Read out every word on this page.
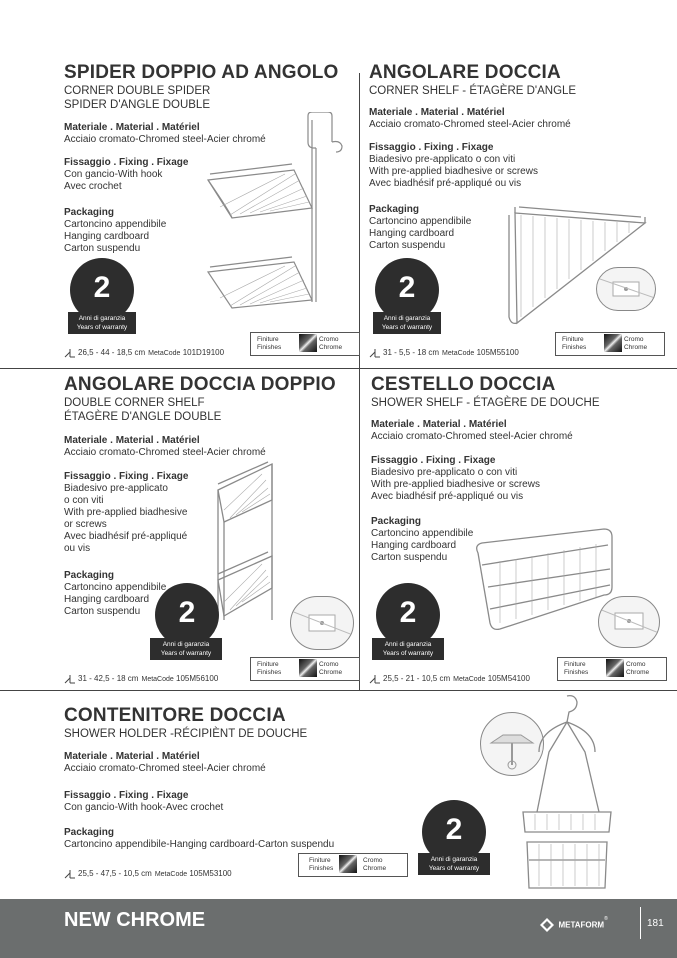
SPIDER DOPPIO AD ANGOLO
CORNER DOUBLE SPIDER
SPIDER D'ANGLE DOUBLE
Materiale . Material . Matériel
Acciaio cromato-Chromed steel-Acier chromé
Fissaggio . Fixing . Fixage
Con gancio-With hook
Avec crochet
Packaging
Cartoncino appendibile
Hanging cardboard
Carton suspendu
2
Anni di garanzia
Years of warranty
Finiture
Finishes
Cromo
Chrome
26,5 - 44 - 18,5 cm MetaCode 101D19100
ANGOLARE DOCCIA
CORNER SHELF - ÉTAGÈRE D'ANGLE
Materiale . Material . Matériel
Acciaio cromato-Chromed steel-Acier chromé
Fissaggio . Fixing . Fixage
Biadesivo pre-applicato o con viti
With pre-applied biadhesive or screws
Avec biadhésif pré-appliqué ou vis
Packaging
Cartoncino appendibile
Hanging cardboard
Carton suspendu
2
Anni di garanzia
Years of warranty
Finiture
Finishes
Cromo
Chrome
31 - 5,5 - 18 cm MetaCode 105M55100
ANGOLARE DOCCIA DOPPIO
DOUBLE CORNER SHELF
ÉTAGÈRE D'ANGLE DOUBLE
Materiale . Material . Matériel
Acciaio cromato-Chromed steel-Acier chromé
Fissaggio . Fixing . Fixage
Biadesivo pre-applicato
o con viti
With pre-applied biadhesive
or screws
Avec biadhésif pré-appliqué
ou vis
Packaging
Cartoncino appendibile
Hanging cardboard
Carton suspendu	2
Anni di garanzia
Years of warranty
Finiture
Finishes
Cromo
Chrome
31 - 42,5 - 18 cm MetaCode 105M56100
CESTELLO DOCCIA
SHOWER SHELF - ÉTAGÈRE DE DOUCHE
Materiale . Material . Matériel
Acciaio cromato-Chromed steel-Acier chromé
Fissaggio . Fixing . Fixage
Biadesivo pre-applicato o con viti
With pre-applied biadhesive or screws
Avec biadhésif pré-appliqué ou vis
Packaging
Cartoncino appendibile
Hanging cardboard
Carton suspendu
2
Anni di garanzia
Years of warranty
Finiture
Finishes
Cromo
Chrome
25,5 - 21 - 10,5 cm MetaCode 105M54100
CONTENITORE DOCCIA
SHOWER HOLDER -RÉCIPIÈNT DE DOUCHE
Materiale . Material . Matériel
Acciaio cromato-Chromed steel-Acier chromé
Fissaggio . Fixing . Fixage
Con gancio-With hook-Avec crochet
Packaging
Cartoncino appendibile-Hanging cardboard-Carton suspendu	2
Anni di garanzia
Years of warranty
Finiture
Finishes
Cromo
Chrome
25,5 - 47,5 - 10,5 cm MetaCode 105M53100
NEW CHROME	METAFORM®	181
